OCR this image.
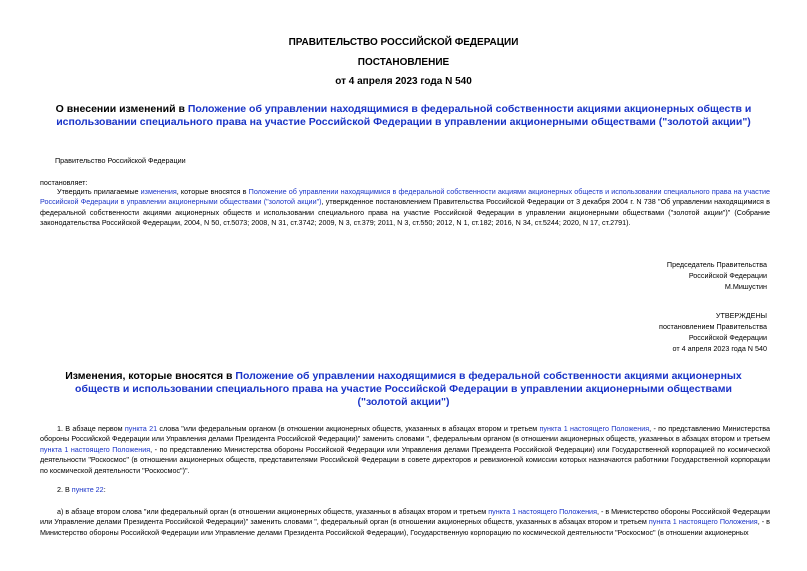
ПРАВИТЕЛЬСТВО РОССИЙСКОЙ ФЕДЕРАЦИИ
ПОСТАНОВЛЕНИЕ
от 4 апреля 2023 года N 540
О внесении изменений в Положение об управлении находящимися в федеральной собственности акциями акционерных обществ и использовании специального права на участие Российской Федерации в управлении акционерными обществами ("золотой акции")
Правительство Российской Федерации
постановляет:
Утвердить прилагаемые изменения, которые вносятся в Положение об управлении находящимися в федеральной собственности акциями акционерных обществ и использовании специального права на участие Российской Федерации в управлении акционерными обществами ("золотой акции"), утвержденное постановлением Правительства Российской Федерации от 3 декабря 2004 г. N 738 "Об управлении находящимися в федеральной собственности акциями акционерных обществ и использовании специального права на участие Российской Федерации в управлении акционерными обществами ("золотой акции")" (Собрание законодательства Российской Федерации, 2004, N 50, ст.5073; 2008, N 31, ст.3742; 2009, N 3, ст.379; 2011, N 3, ст.550; 2012, N 1, ст.182; 2016, N 34, ст.5244; 2020, N 17, ст.2791).
Председатель Правительства
Российской Федерации
М.Мишустин
УТВЕРЖДЕНЫ
постановлением Правительства
Российской Федерации
от 4 апреля 2023 года N 540
Изменения, которые вносятся в Положение об управлении находящимися в федеральной собственности акциями акционерных обществ и использовании специального права на участие Российской Федерации в управлении акционерными обществами ("золотой акции")
1. В абзаце первом пункта 21 слова "или федеральным органом (в отношении акционерных обществ, указанных в абзацах втором и третьем пункта 1 настоящего Положения, - по представлению Министерства обороны Российской Федерации или Управления делами Президента Российской Федерации)" заменить словами ", федеральным органом (в отношении акционерных обществ, указанных в абзацах втором и третьем пункта 1 настоящего Положения, - по представлению Министерства обороны Российской Федерации или Управления делами Президента Российской Федерации) или Государственной корпорацией по космической деятельности "Роскосмос" (в отношении акционерных обществ, представителями Российской Федерации в совете директоров и ревизионной комиссии которых назначаются работники Государственной корпорации по космической деятельности "Роскосмос")".
2. В пункте 22:
а) в абзаце втором слова "или федеральный орган (в отношении акционерных обществ, указанных в абзацах втором и третьем пункта 1 настоящего Положения, - в Министерство обороны Российской Федерации или Управление делами Президента Российской Федерации)" заменить словами ", федеральный орган (в отношении акционерных обществ, указанных в абзацах втором и третьем пункта 1 настоящего Положения, - в Министерство обороны Российской Федерации или Управление делами Президента Российской Федерации), Государственную корпорацию по космической деятельности "Роскосмос" (в отношении акционерных
